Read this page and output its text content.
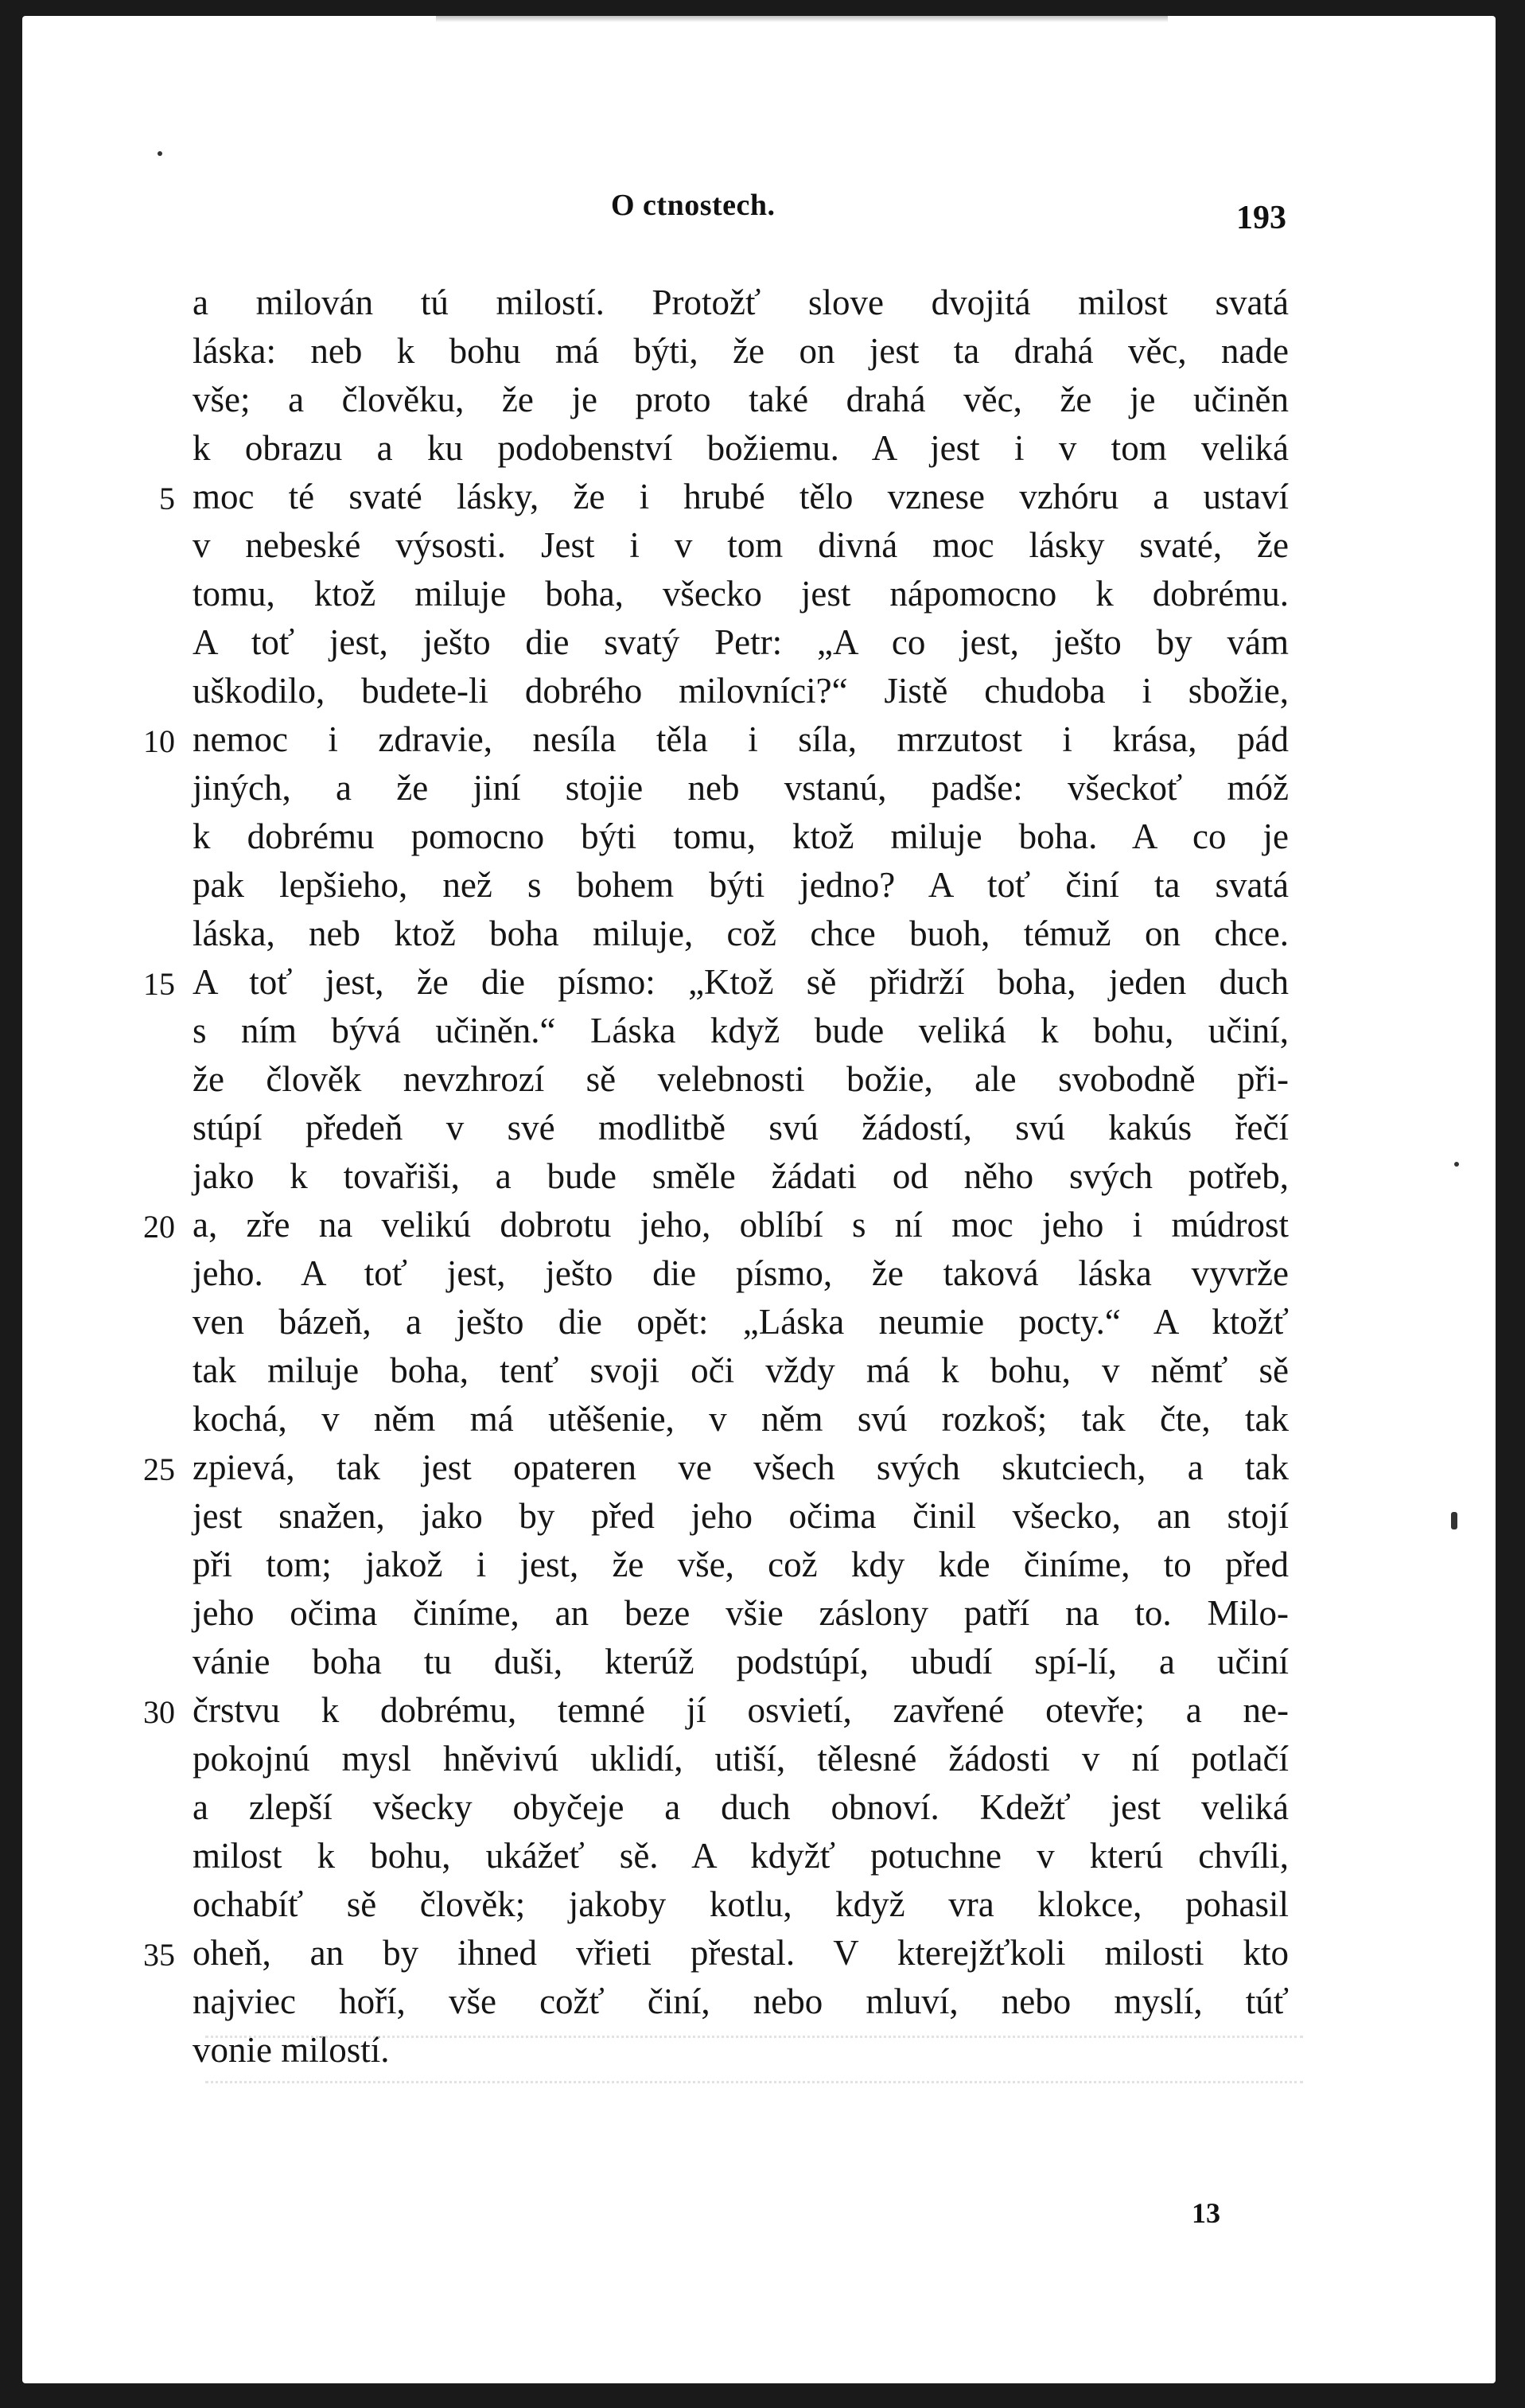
O ctnostech.	193
a milován tú milostí. Protožť slove dvojitá milost svatá
láska: neb k bohu má býti, že on jest ta drahá věc, nade
vše; a člověku, že je proto také drahá věc, že je učiněn
k obrazu a ku podobenství božiemu. A jest i v tom veliká
5 moc té svaté lásky, že i hrubé tělo vznese vzhóru a ustaví
v nebeské výsosti. Jest i v tom divná moc lásky svaté, že
tomu, ktož miluje boha, všecko jest nápomocno k dobrému.
A toť jest, ješto die svatý Petr: „A co jest, ješto by vám
uškodilo, budete-li dobrého milovníci?“ Jistě chudoba i sbožie,
10 nemoc i zdravie, nesíla těla i síla, mrzutost i krása, pád
jiných, a že jiní stojie neb vstanú, padše: všeckoť móž
k dobrému pomocno býti tomu, ktož miluje boha. A co je
pak lepšieho, než s bohem býti jedno? A toť činí ta svatá
láska, neb ktož boha miluje, což chce buoh, témuž on chce.
15 A toť jest, že die písmo: „Ktož sě přidrží boha, jeden duch
s ním bývá učiněn.“ Láska když bude veliká k bohu, učiní,
že člověk nevzhrozí sě velebnosti božie, ale svobodně při-
stúpí předeň v své modlitbě svú žádostí, svú kakús řečí
jako k tovařiši, a bude směle žádati od něho svých potřeb,
20 a, zře na velikú dobrotu jeho, oblíbí s ní moc jeho i múdrost
jeho. A toť jest, ješto die písmo, že taková láska vyvrže
ven bázeň, a ješto die opět: „Láska neumie pocty.“ A ktožť
tak miluje boha, tenť svoji oči vždy má k bohu, v němť sě
kochá, v něm má utěšenie, v něm svú rozkoš; tak čte, tak
25 zpievá, tak jest opateren ve všech svých skutciech, a tak
jest snažen, jako by před jeho očima činil všecko, an stojí
při tom; jakož i jest, že vše, což kdy kde činíme, to před
jeho očima činíme, an beze všie záslony patří na to. Milo-
vánie boha tu duši, kterúž podstúpí, ubudí spí-lí, a učiní
30 črstvu k dobrému, temné jí osvietí, zavřené otevře; a ne-
pokojnú mysl hněvivú uklidí, utiší, tělesné žádosti v ní potlačí
a zlepší všecky obyčeje a duch obnoví. Kdežť jest veliká
milost k bohu, ukážeť sě. A kdyžť potuchne v kterú chvíli,
ochabíť sě člověk; jakoby kotlu, když vra klokce, pohasil
35 oheň, an by ihned vřieti přestal. V kterejžťkoli milosti kto
najviec hoří, vše cožť činí, nebo mluví, nebo myslí, túť
vonie milostí.
13
